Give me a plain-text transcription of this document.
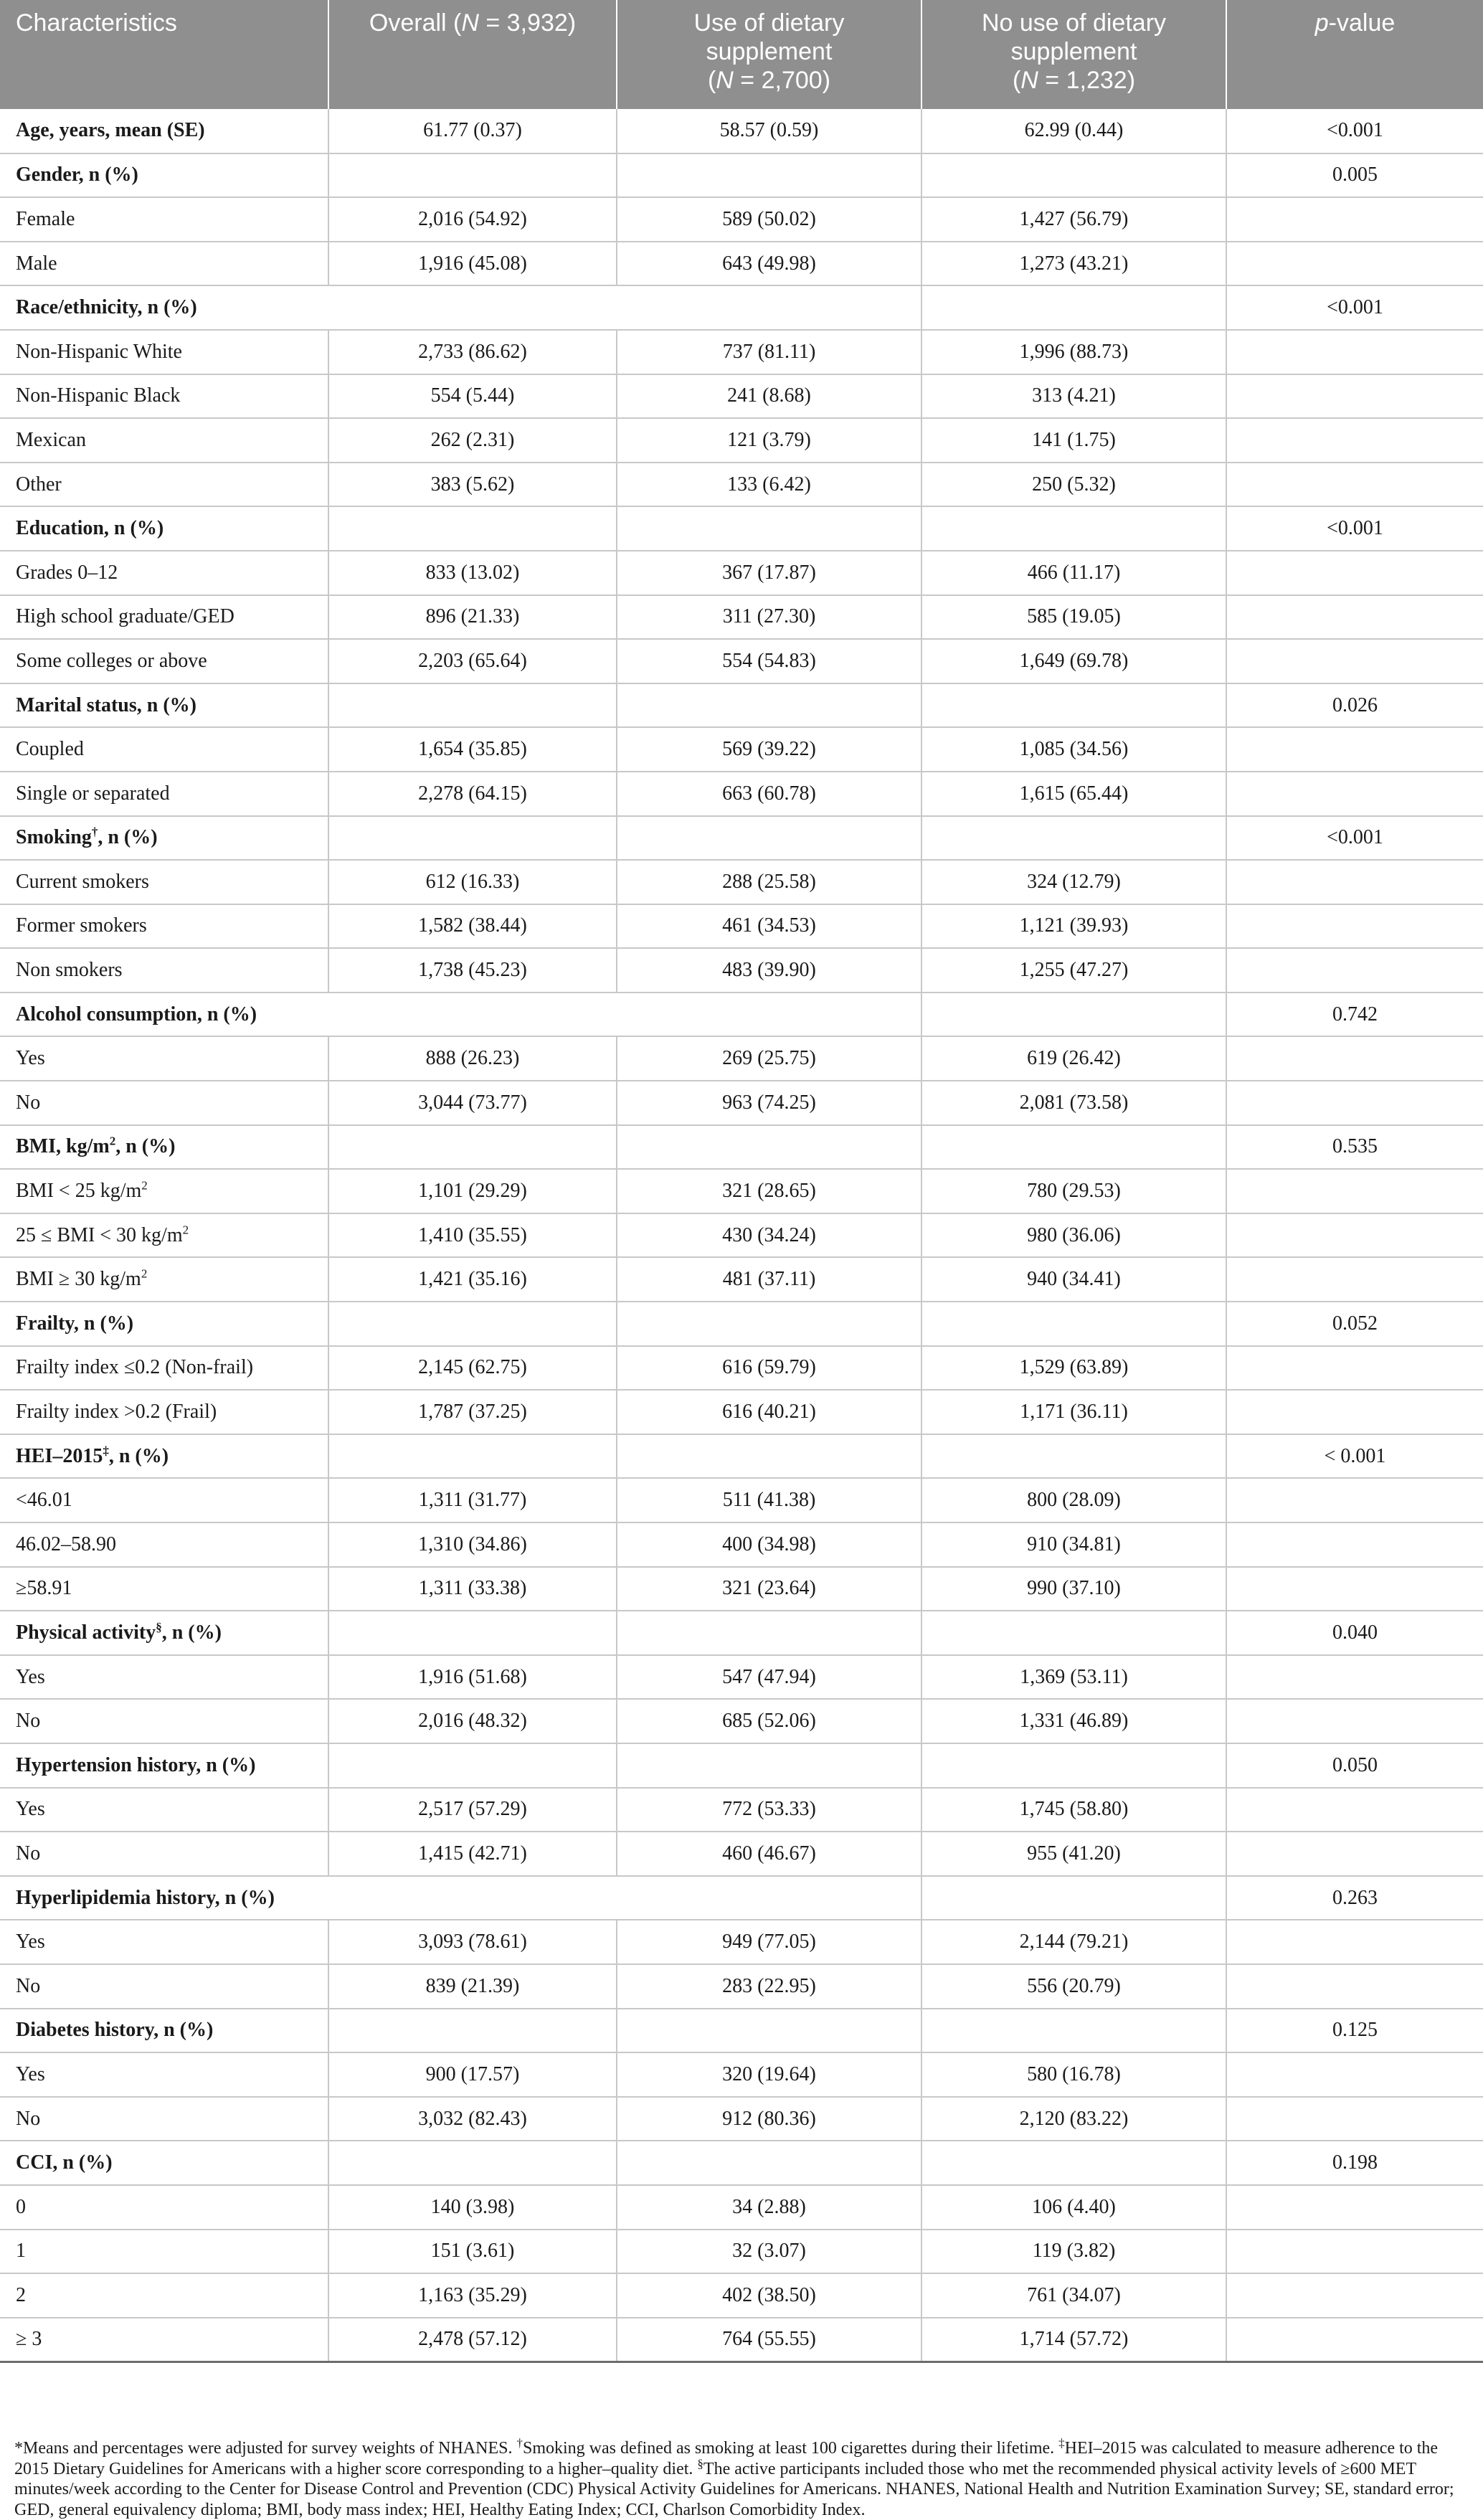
Characteristics	Overall (N = 3,932)	Use of dietary
supplement
(N = 2,700)	No use of dietary
supplement
(N = 1,232)	p-value
Age, years, mean (SE)	61.77 (0.37)	58.57 (0.59)	62.99 (0.44)	<0.001
Gender, n (%)				0.005
Female	2,016 (54.92)	589 (50.02)	1,427 (56.79)	
Male	1,916 (45.08)	643 (49.98)	1,273 (43.21)	
Race/ethnicity, n (%)				<0.001
Non-Hispanic White	2,733 (86.62)	737 (81.11)	1,996 (88.73)	
Non-Hispanic Black	554 (5.44)	241 (8.68)	313 (4.21)	
Mexican	262 (2.31)	121 (3.79)	141 (1.75)	
Other	383 (5.62)	133 (6.42)	250 (5.32)	
Education, n (%)				<0.001
Grades 0–12	833 (13.02)	367 (17.87)	466 (11.17)	
High school graduate/GED	896 (21.33)	311 (27.30)	585 (19.05)	
Some colleges or above	2,203 (65.64)	554 (54.83)	1,649 (69.78)	
Marital status, n (%)				0.026
Coupled	1,654 (35.85)	569 (39.22)	1,085 (34.56)	
Single or separated	2,278 (64.15)	663 (60.78)	1,615 (65.44)	
Smoking†, n (%)				<0.001
Current smokers	612 (16.33)	288 (25.58)	324 (12.79)	
Former smokers	1,582 (38.44)	461 (34.53)	1,121 (39.93)	
Non smokers	1,738 (45.23)	483 (39.90)	1,255 (47.27)	
Alcohol consumption, n (%)				0.742
Yes	888 (26.23)	269 (25.75)	619 (26.42)	
No	3,044 (73.77)	963 (74.25)	2,081 (73.58)	
BMI, $kg/m^2$, n (%)				0.535
BMI < 25 $kg/m^2$	1,101 (29.29)	321 (28.65)	780 (29.53)	
25 ≤ BMI < 30 $kg/m^2$	1,410 (35.55)	430 (34.24)	980 (36.06)	
BMI ≥ 30 $kg/m^2$	1,421 (35.16)	481 (37.11)	940 (34.41)	
Frailty, n (%)				0.052
Frailty index ≤0.2 (Non-frail)	2,145 (62.75)	616 (59.79)	1,529 (63.89)	
Frailty index >0.2 (Frail)	1,787 (37.25)	616 (40.21)	1,171 (36.11)	
HEI–2015‡, n (%)				< 0.001
<46.01	1,311 (31.77)	511 (41.38)	800 (28.09)	
46.02–58.90	1,310 (34.86)	400 (34.98)	910 (34.81)	
≥58.91	1,311 (33.38)	321 (23.64)	990 (37.10)	
Physical activity§, n (%)				0.040
Yes	1,916 (51.68)	547 (47.94)	1,369 (53.11)	
No	2,016 (48.32)	685 (52.06)	1,331 (46.89)	
Hypertension history, n (%)				0.050
Yes	2,517 (57.29)	772 (53.33)	1,745 (58.80)	
No	1,415 (42.71)	460 (46.67)	955 (41.20)	
Hyperlipidemia history, n (%)				0.263
Yes	3,093 (78.61)	949 (77.05)	2,144 (79.21)	
No	839 (21.39)	283 (22.95)	556 (20.79)	
Diabetes history, n (%)				0.125
Yes	900 (17.57)	320 (19.64)	580 (16.78)	
No	3,032 (82.43)	912 (80.36)	2,120 (83.22)	
CCI, n (%)				0.198
0	140 (3.98)	34 (2.88)	106 (4.40)	
1	151 (3.61)	32 (3.07)	119 (3.82)	
2	1,163 (35.29)	402 (38.50)	761 (34.07)	
≥ 3	2,478 (57.12)	764 (55.55)	1,714 (57.72)	
*Means and percentages were adjusted for survey weights of NHANES. †Smoking was defined as smoking at least 100 cigarettes during their lifetime. ‡HEI–2015 was calculated to measure adherence to the 2015 Dietary Guidelines for Americans with a higher score corresponding to a higher–quality diet. §The active participants included those who met the recommended physical activity levels of ≥600 MET minutes/week according to the Center for Disease Control and Prevention (CDC) Physical Activity Guidelines for Americans. NHANES, National Health and Nutrition Examination Survey; SE, standard error; GED, general equivalency diploma; BMI, body mass index; HEI, Healthy Eating Index; CCI, Charlson Comorbidity Index.
